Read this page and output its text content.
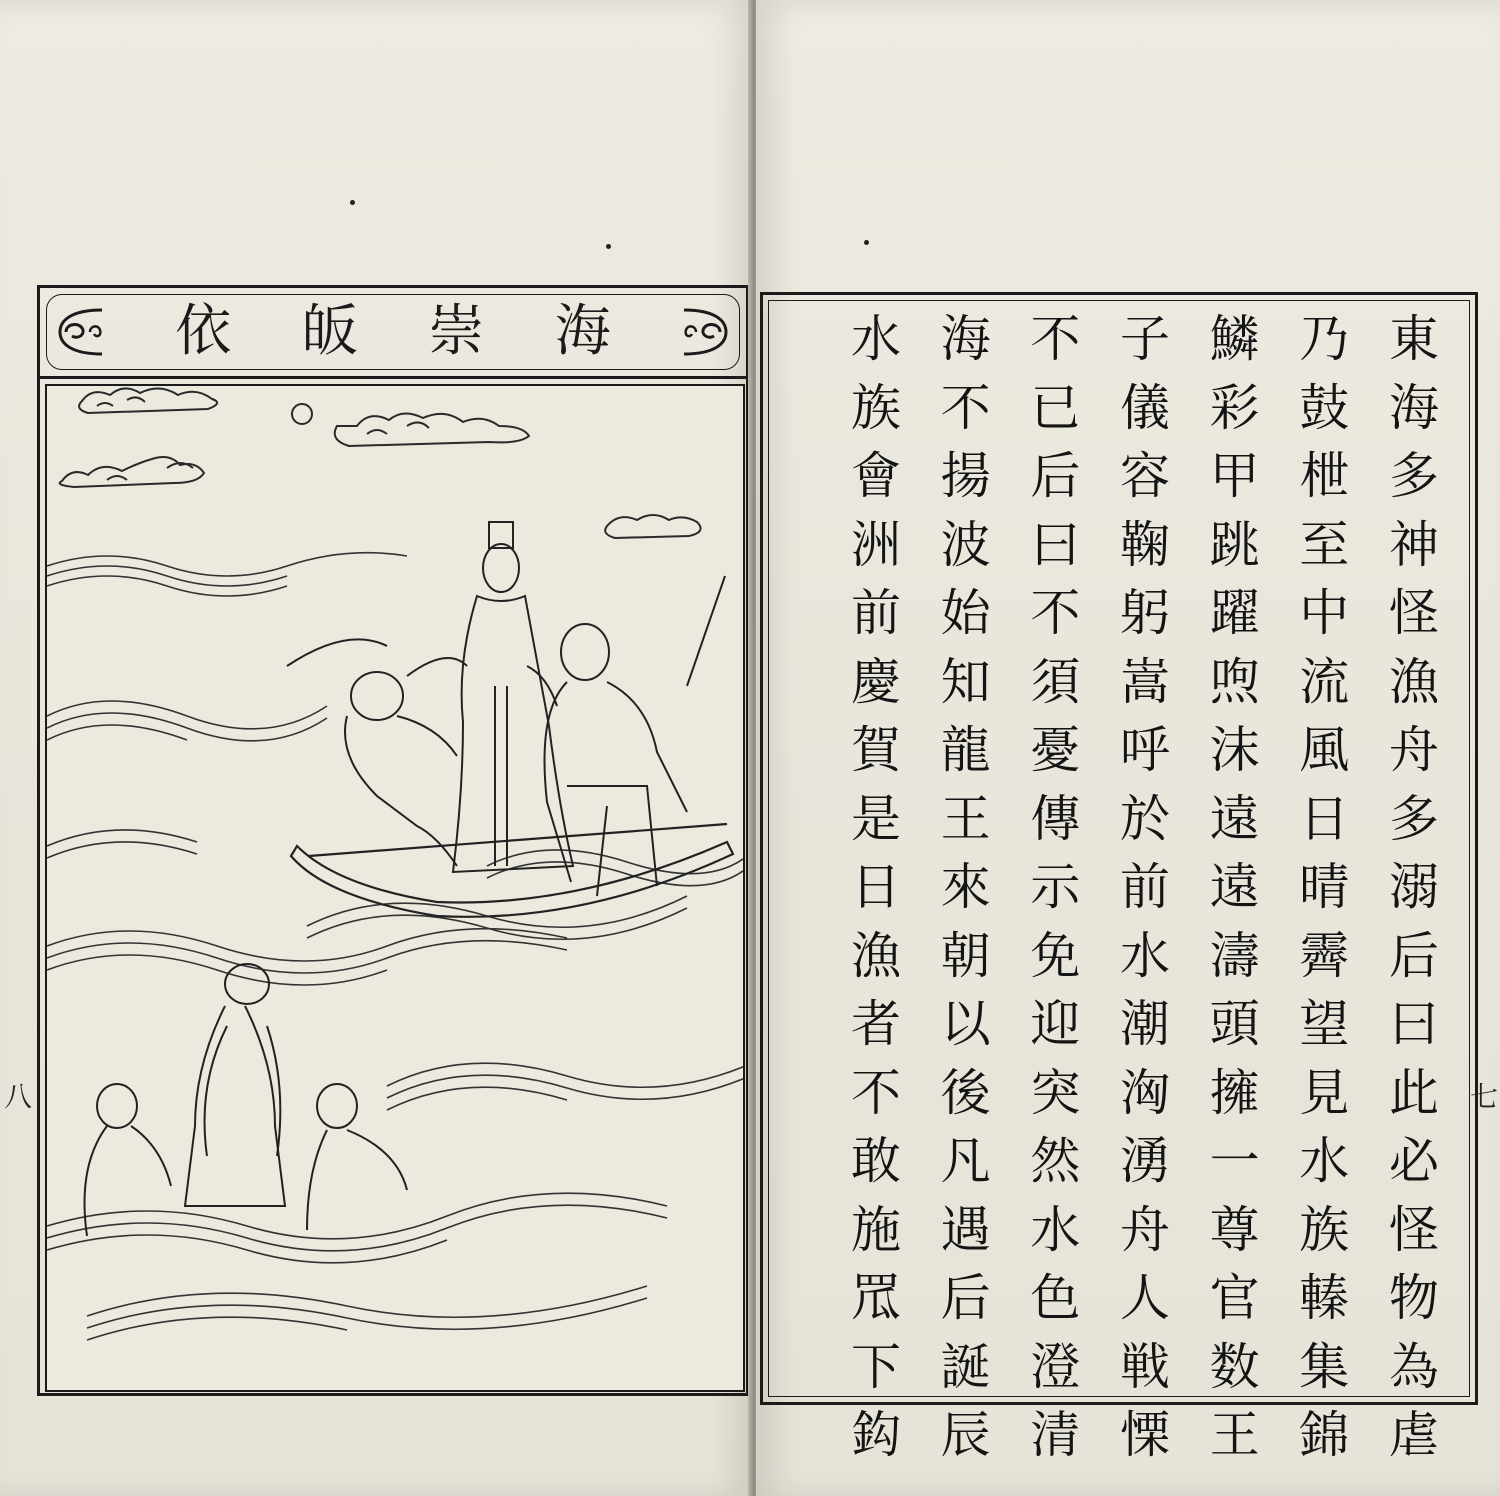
八
海
崇
皈
依
七
東
海
多
神
怪
漁
舟
多
溺
后
曰
此
必
怪
物
為
虐
乃
鼓
枻
至
中
流
風
日
晴
霽
望
見
水
族
轃
集
錦
鱗
彩
甲
跳
躍
喣
沫
遠
遠
濤
頭
擁
一
尊
官
数
王
子
儀
容
鞠
躬
嵩
呼
於
前
水
潮
洶
湧
舟
人
戦
慄
不
已
后
曰
不
須
憂
傳
示
免
迎
突
然
水
色
澄
清
海
不
揚
波
始
知
龍
王
來
朝
以
後
凡
遇
后
誕
辰
水
族
會
洲
前
慶
賀
是
日
漁
者
不
敢
施
罛
下
鈎
